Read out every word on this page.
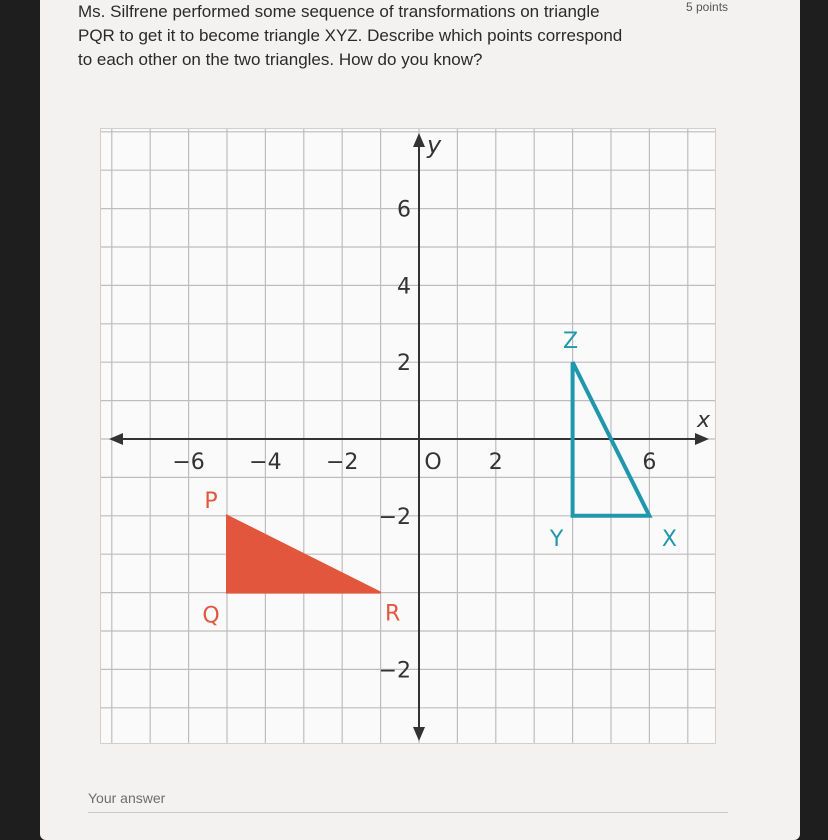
Ms. Silfrene performed some sequence of transformations on triangle
PQR to get it to become triangle XYZ. Describe which points correspond
to each other on the two triangles. How do you know?
5 points
x
y
−6 −4 −2	O 2	6
6
4
2
−2
−2
P
Q	R
X
Y
Z
Your answer
